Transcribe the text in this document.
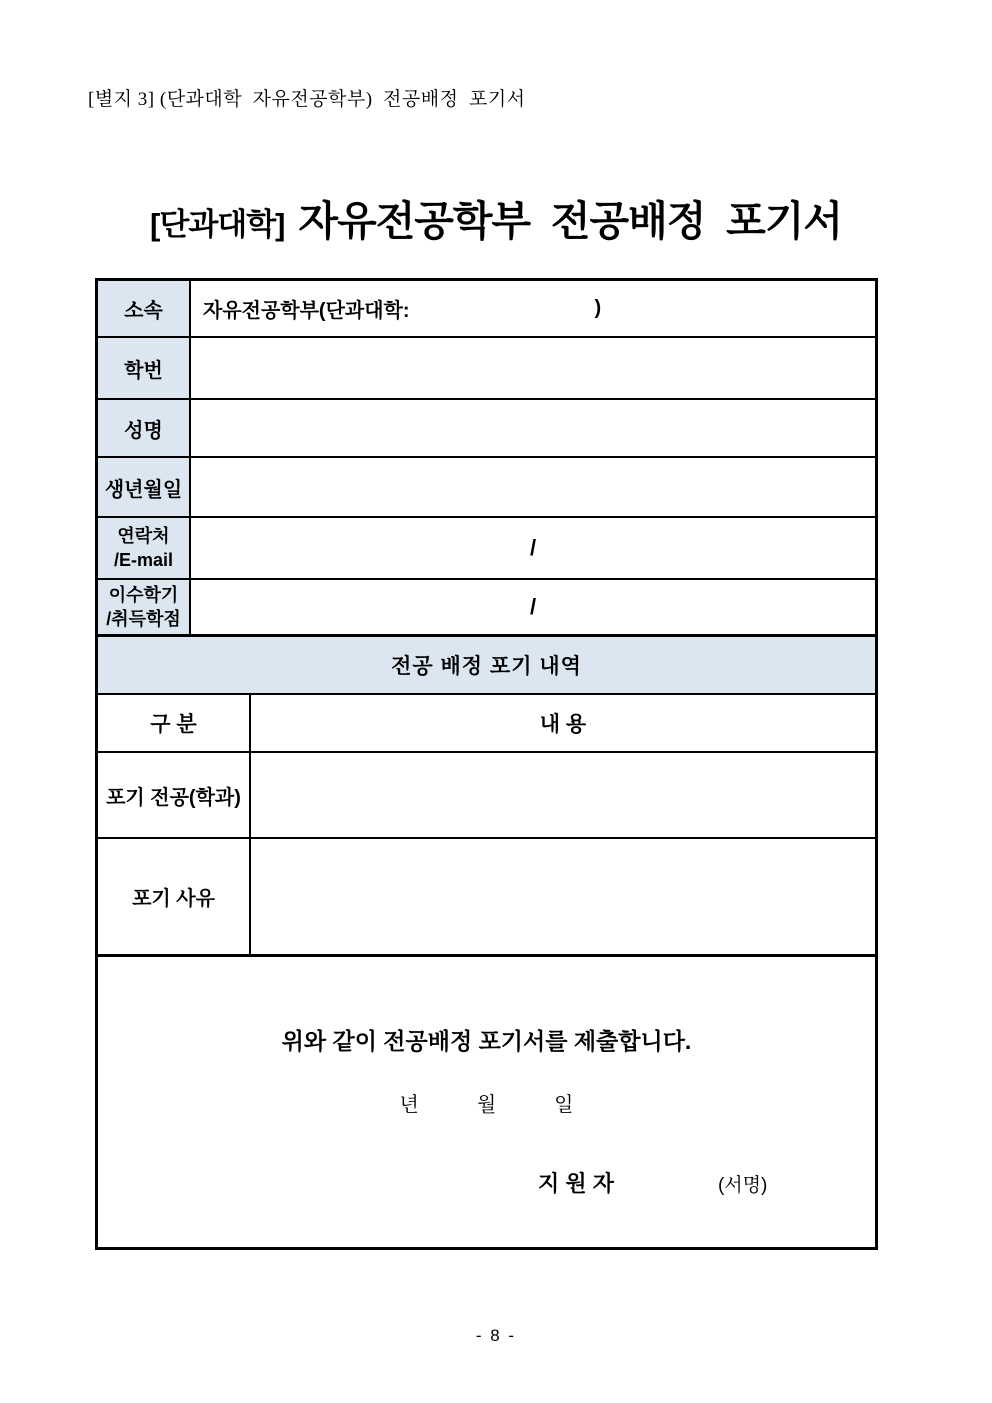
[별지 3] (단과대학  자유전공학부)  전공배정  포기서
[단과대학] 자유전공학부  전공배정  포기서
소속 자유전공학부(단과대학:	)
학번
성명
생년월일
연락처
/E-mail	/
이수학기
/취득학점	/
전공 배정 포기 내역
구 분	내 용
포기 전공(학과)
포기 사유
위와 같이 전공배정 포기서를 제출합니다.
년	월	일
지 원 자	(서명)
- 8 -
